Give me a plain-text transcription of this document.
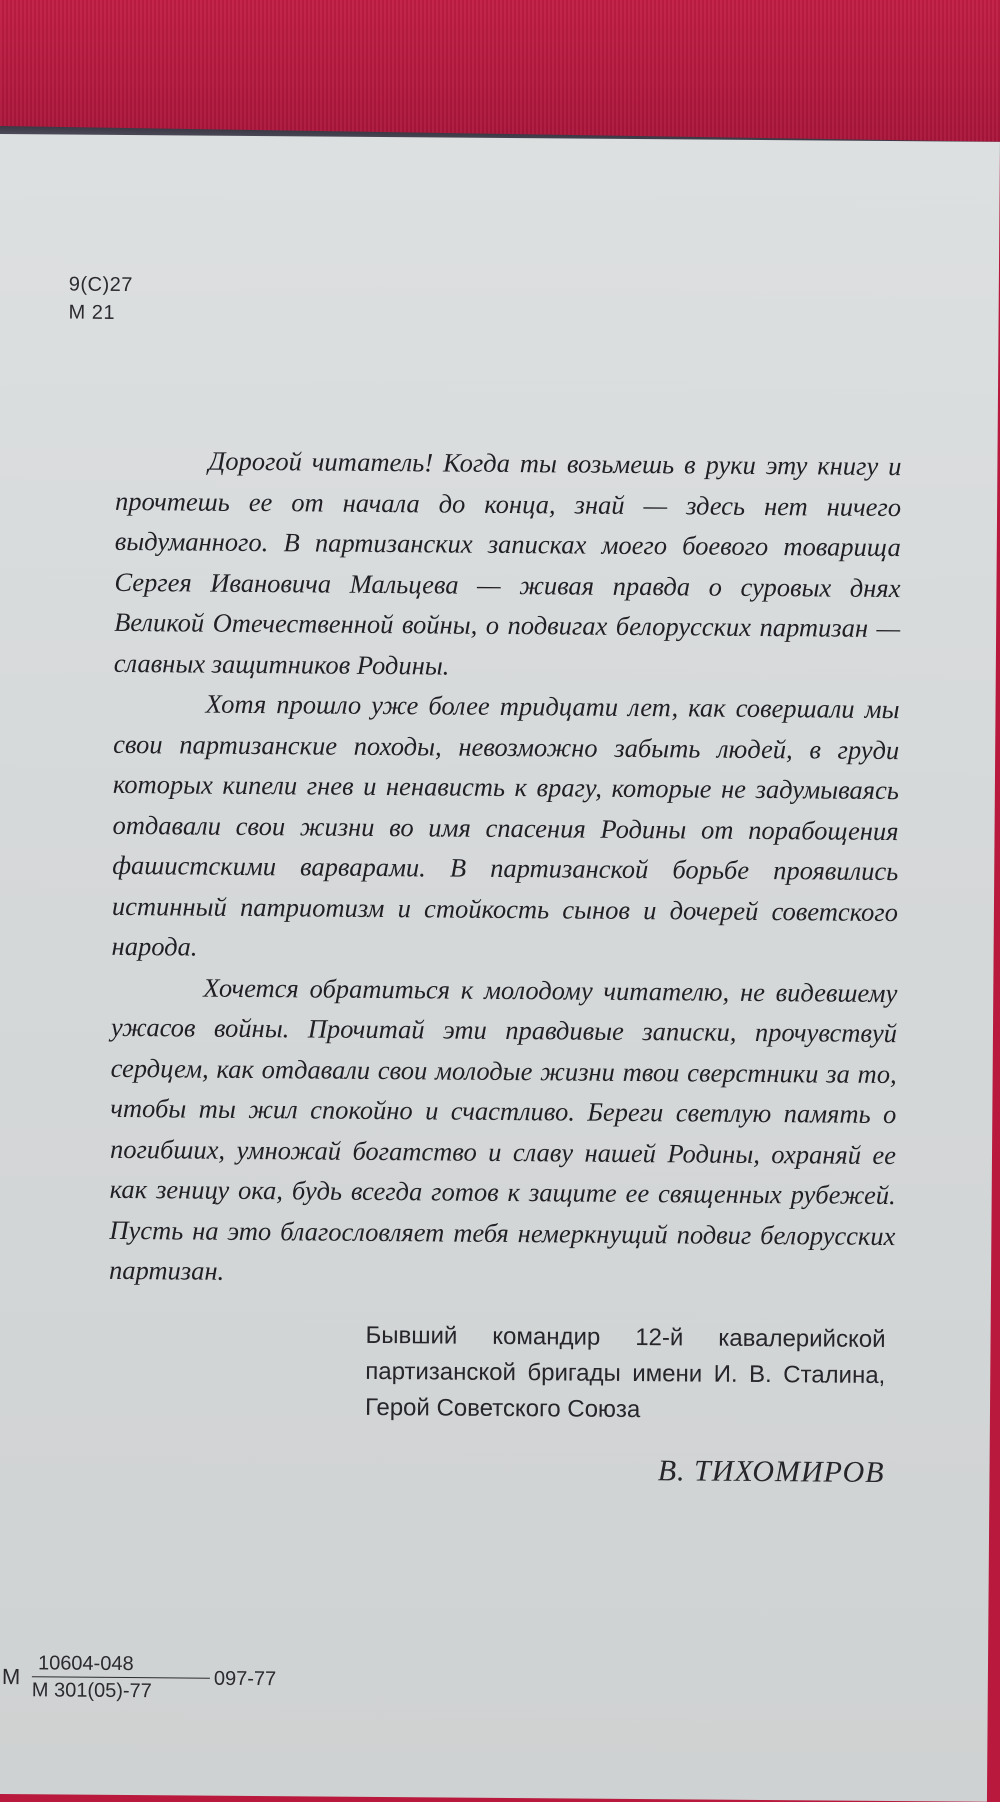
9(C)27
М 21

Дорогой читатель! Когда ты возьмешь в руки эту книгу и прочтешь ее от начала до конца, знай — здесь нет ничего выдуманного. В партизанских записках моего боевого товарища Сергея Ивановича Мальцева — живая правда о суровых днях Великой Отечественной войны, о подвигах белорусских партизан — славных защитников Родины.

Хотя прошло уже более тридцати лет, как совершали мы свои партизанские походы, невозможно забыть людей, в груди которых кипели гнев и ненависть к врагу, которые не задумываясь отдавали свои жизни во имя спасения Родины от порабощения фашистскими варварами. В партизанской борьбе проявились истинный патриотизм и стойкость сынов и дочерей советского народа.

Хочется обратиться к молодому читателю, не видевшему ужасов войны. Прочитай эти правдивые записки, прочувствуй сердцем, как отдавали свои молодые жизни твои сверстники за то, чтобы ты жил спокойно и счастливо. Береги светлую память о погибших, умножай богатство и славу нашей Родины, охраняй ее как зеницу ока, будь всегда готов к защите ее священных рубежей. Пусть на это благословляет тебя немеркнущий подвиг белорусских партизан.

Бывший командир 12-й кавалерийской партизанской бригады имени И. В. Сталина, Герой Советского Союза
В. ТИХОМИРОВ
М
10604-048
М 301(05)-77
097-77
